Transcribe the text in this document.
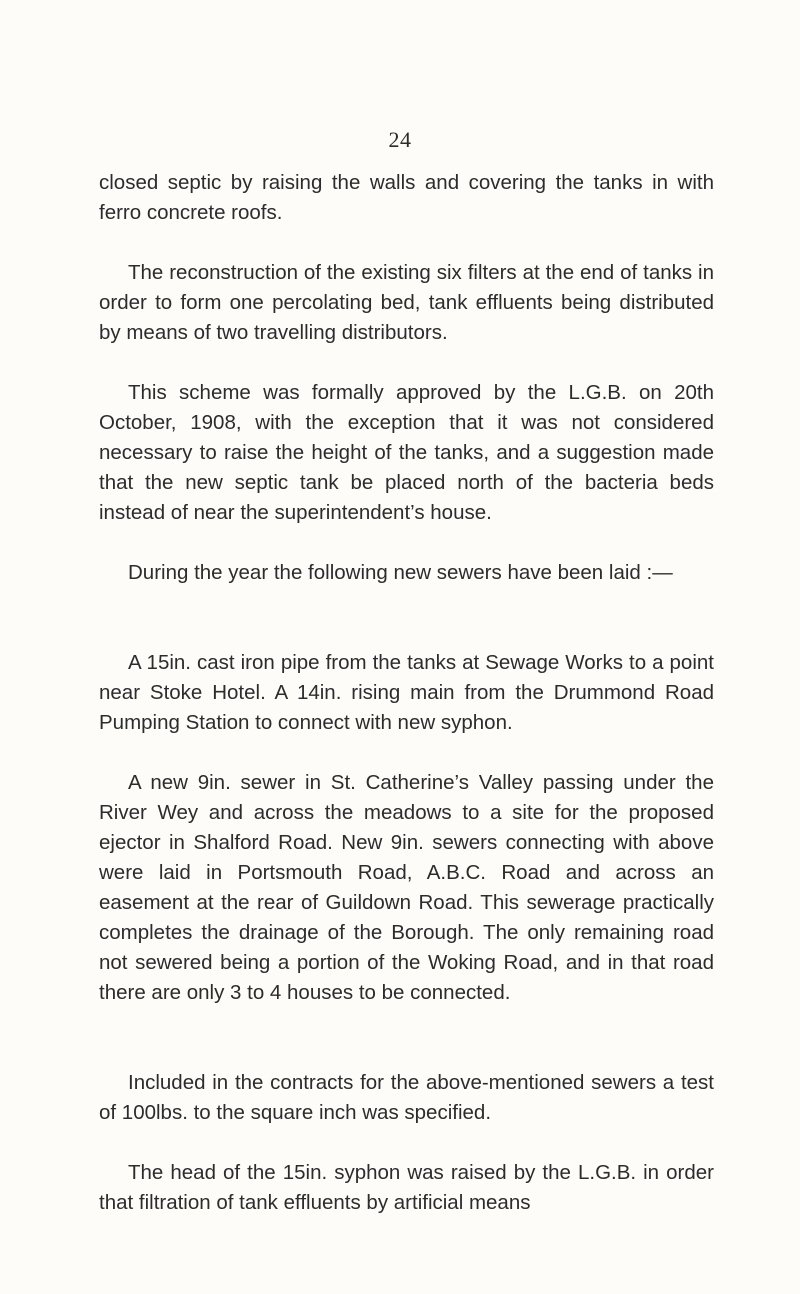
24

closed septic by raising the walls and covering the tanks in with ferro concrete roofs.

The reconstruction of the existing six filters at the end of tanks in order to form one percolating bed, tank effluents being distributed by means of two travelling distributors.

This scheme was formally approved by the L.G.B. on 20th October, 1908, with the exception that it was not considered necessary to raise the height of the tanks, and a suggestion made that the new septic tank be placed north of the bacteria beds instead of near the superintendent’s house.

During the year the following new sewers have been laid :—

A 15in. cast iron pipe from the tanks at Sewage Works to a point near Stoke Hotel. A 14in. rising main from the Drummond Road Pumping Station to connect with new syphon.

A new 9in. sewer in St. Catherine’s Valley passing under the River Wey and across the meadows to a site for the proposed ejector in Shalford Road. New 9in. sewers connecting with above were laid in Portsmouth Road, A.B.C. Road and across an easement at the rear of Guildown Road. This sewerage practically completes the drainage of the Borough. The only remaining road not sewered being a portion of the Woking Road, and in that road there are only 3 to 4 houses to be connected.

Included in the contracts for the above-mentioned sewers a test of 100lbs. to the square inch was specified.

The head of the 15in. syphon was raised by the L.G.B. in order that filtration of tank effluents by artificial means
